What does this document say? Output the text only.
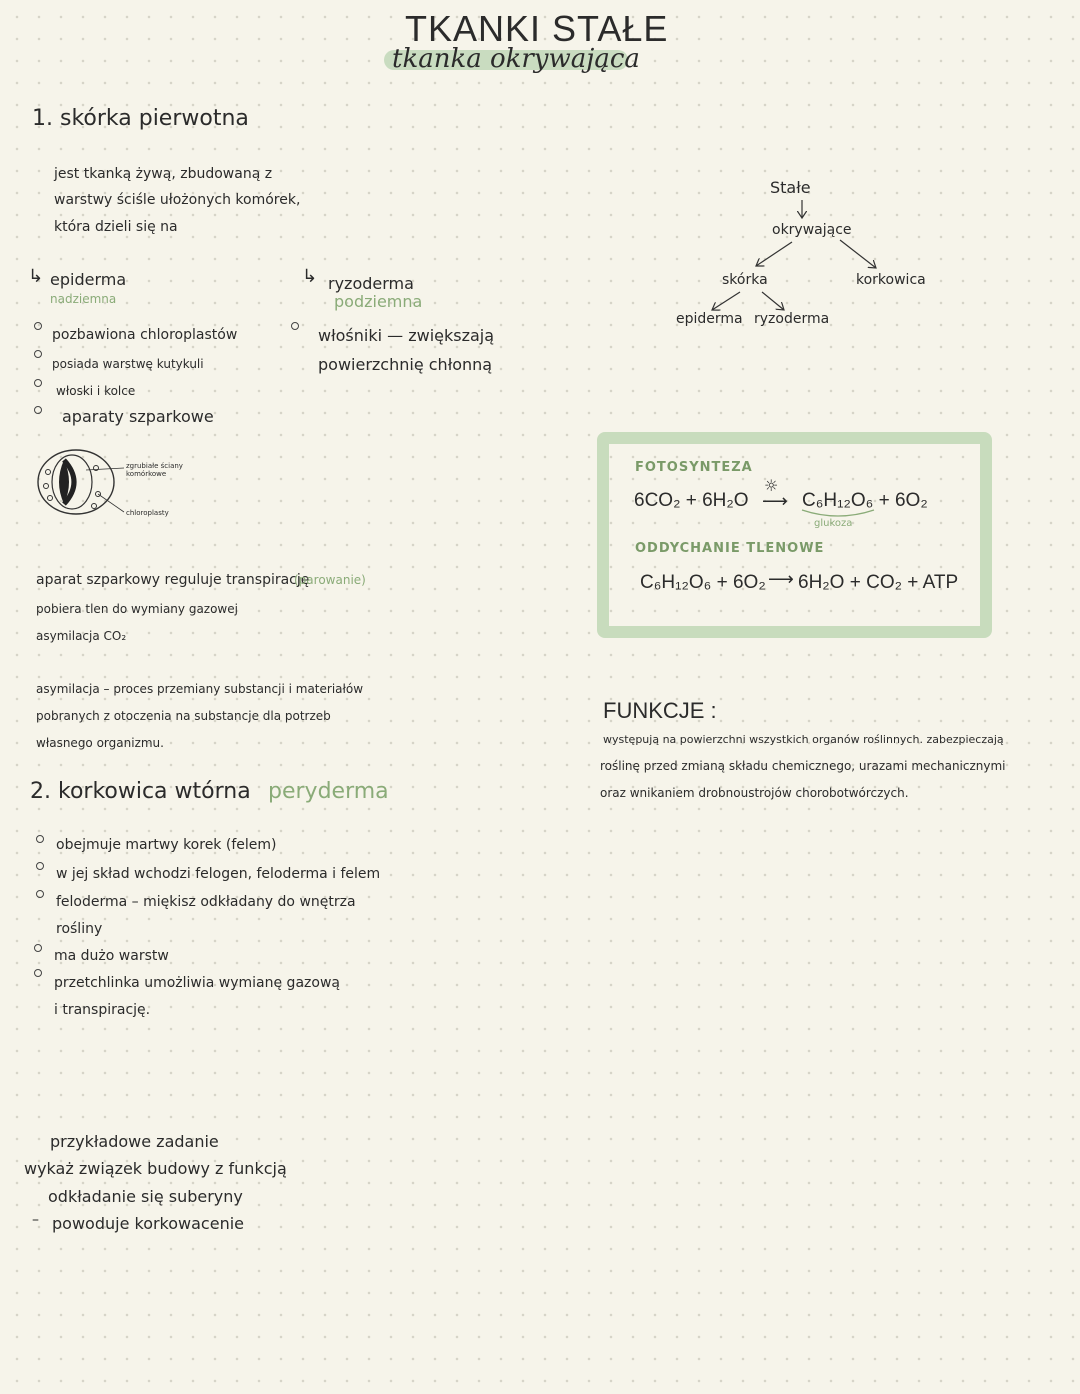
TKANKI STAŁE
tkanka okrywająca
1. skórka pierwotna
jest tkanką żywą, zbudowaną z
warstwy ściśle ułożonych komórek,
która dzieli się na
↳ epiderma
nadziemna
pozbawiona chloroplastów
posiada warstwę kutykuli
włoski i kolce
aparaty szparkowe
↳ ryzoderma
podziemna
włośniki — zwiększają
powierzchnię chłonną
zgrubiałe ściany komórkowe
chloroplasty
aparat szparkowy reguluje transpirację
(parowanie)
pobiera tlen do wymiany gazowej
asymilacja CO₂
asymilacja – proces przemiany substancji i materiałów
pobranych z otoczenia na substancje dla potrzeb
własnego organizmu.
2. korkowica wtórna peryderma
obejmuje martwy korek (felem)
w jej skład wchodzi felogen, feloderma i felem
feloderma – miękisz odkładany do wnętrza
rośliny
ma dużo warstw
przetchlinka umożliwia wymianę gazową
i transpirację.
przykładowe zadanie
wykaż związek budowy z funkcją
odkładanie się suberyny
– powoduje korkowacenie
Stałe
okrywające
skórka	korkowica
epiderma ryzoderma
FOTOSYNTEZA
6CO₂ + 6H₂O
☼
⟶ C₆H₁₂O₆ + 6O₂
glukoza
ODDYCHANIE TLENOWE
C₆H₁₂O₆ + 6O₂ ⟶ 6H₂O + CO₂ + ATP
FUNKCJE :
występują na powierzchni wszystkich organów roślinnych. zabezpieczają
roślinę przed zmianą składu chemicznego, urazami mechanicznymi
oraz wnikaniem drobnoustrojów chorobotwórczych.
